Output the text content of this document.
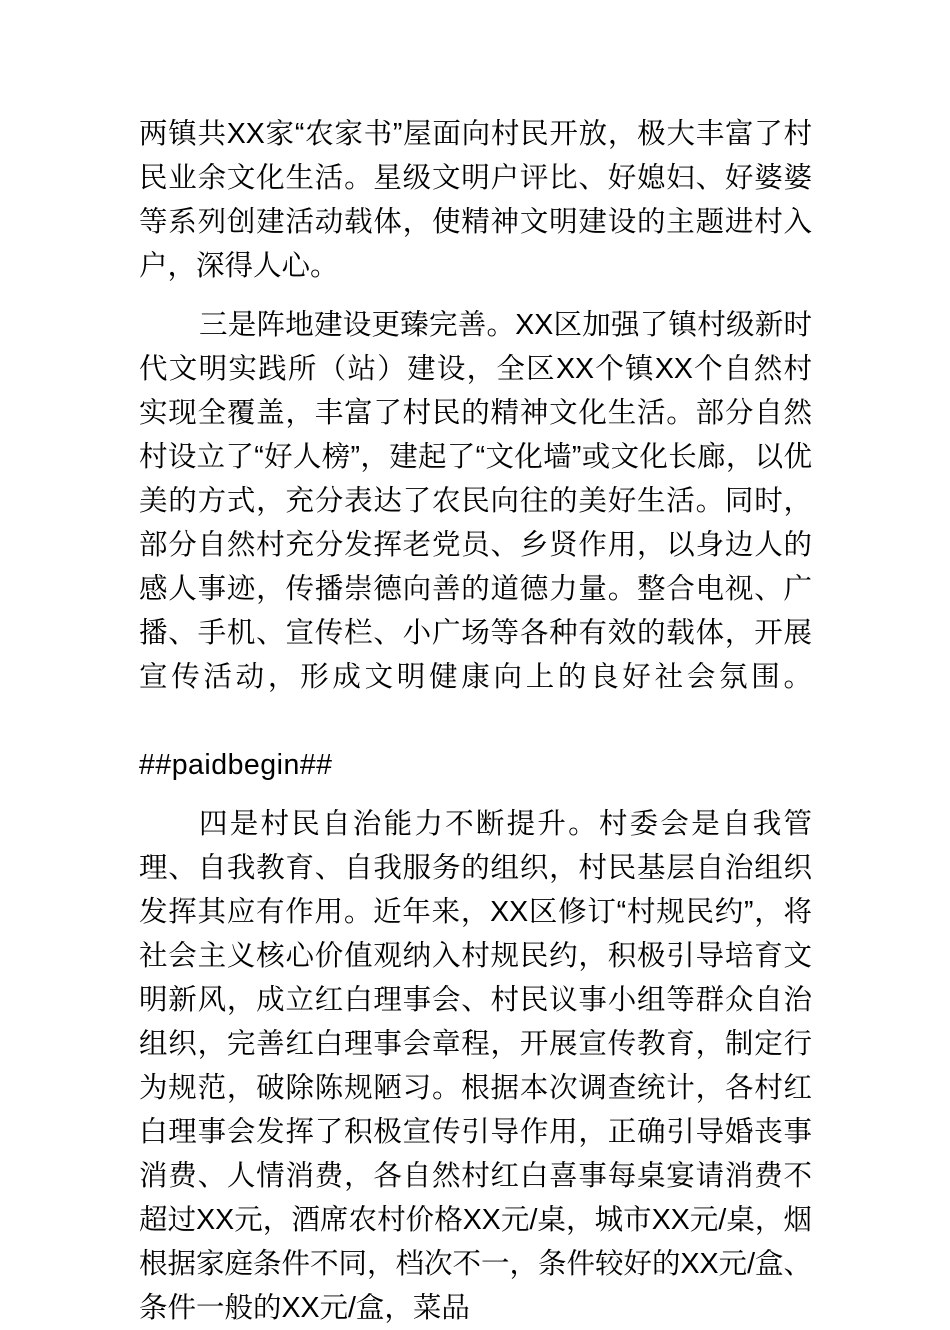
两镇共XX家“农家书”屋面向村民开放，极大丰富了村民业余文化生活。星级文明户评比、好媳妇、好婆婆等系列创建活动载体，使精神文明建设的主题进村入户，深得人心。

三是阵地建设更臻完善。XX区加强了镇村级新时代文明实践所（站）建设，全区XX个镇XX个自然村实现全覆盖，丰富了村民的精神文化生活。部分自然村设立了“好人榜”，建起了“文化墙”或文化长廊，以优美的方式，充分表达了农民向往的美好生活。同时，部分自然村充分发挥老党员、乡贤作用，以身边人的感人事迹，传播崇德向善的道德力量。整合电视、广播、手机、宣传栏、小广场等各种有效的载体，开展宣传活动，形成文明健康向上的良好社会氛围。

##paidbegin##

四是村民自治能力不断提升。村委会是自我管理、自我教育、自我服务的组织，村民基层自治组织发挥其应有作用。近年来，XX区修订“村规民约”，将社会主义核心价值观纳入村规民约，积极引导培育文明新风，成立红白理事会、村民议事小组等群众自治组织，完善红白理事会章程，开展宣传教育，制定行为规范，破除陈规陋习。根据本次调查统计，各村红白理事会发挥了积极宣传引导作用，正确引导婚丧事消费、人情消费，各自然村红白喜事每桌宴请消费不超过XX元，酒席农村价格XX元/桌，城市XX元/桌，烟根据家庭条件不同，档次不一，条件较好的XX元/盒、条件一般的XX元/盒，菜品
